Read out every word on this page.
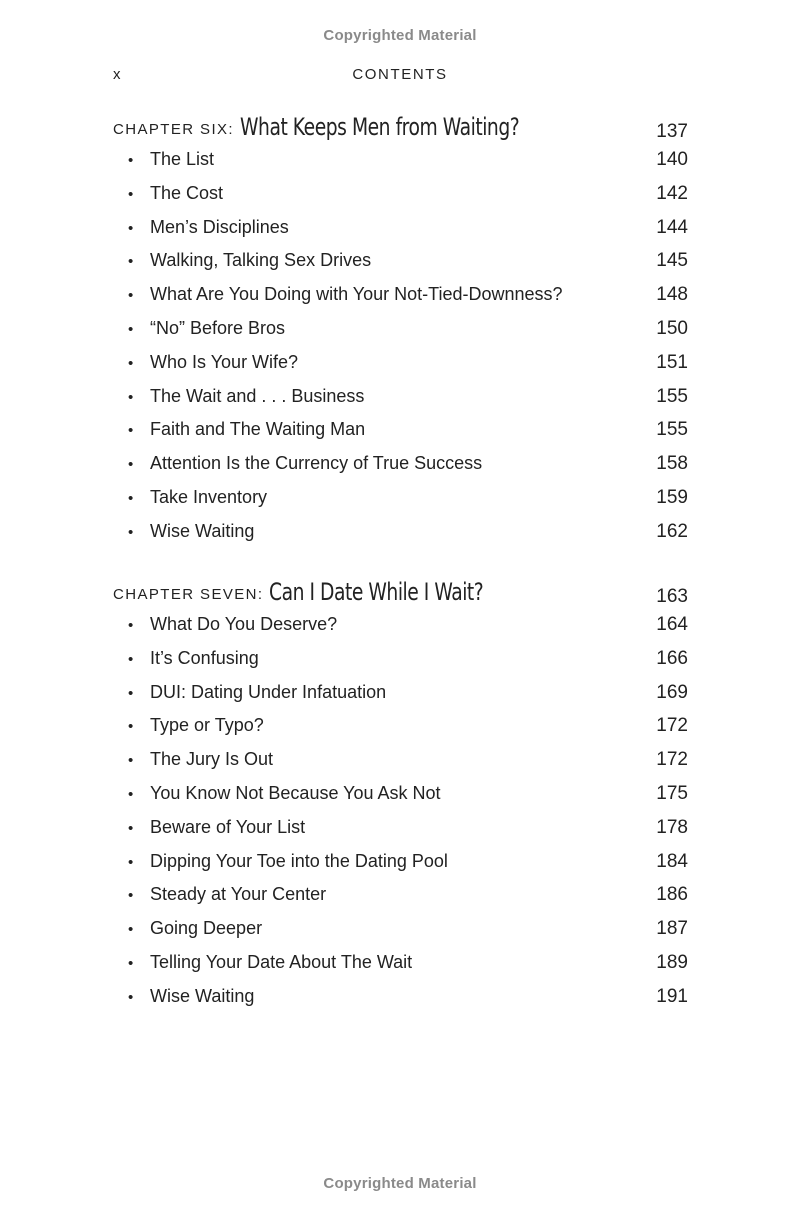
Copyrighted Material
x	CONTENTS
CHAPTER SIX: What Keeps Men from Waiting?	137
• The List	140
• The Cost	142
• Men’s Disciplines	144
• Walking, Talking Sex Drives	145
• What Are You Doing with Your Not-Tied-Downness?	148
• “No” Before Bros	150
• Who Is Your Wife?	151
• The Wait and . . . Business	155
• Faith and The Waiting Man	155
• Attention Is the Currency of True Success	158
• Take Inventory	159
• Wise Waiting	162
CHAPTER SEVEN: Can I Date While I Wait?	163
• What Do You Deserve?	164
• It’s Confusing	166
• DUI: Dating Under Infatuation	169
• Type or Typo?	172
• The Jury Is Out	172
• You Know Not Because You Ask Not	175
• Beware of Your List	178
• Dipping Your Toe into the Dating Pool	184
• Steady at Your Center	186
• Going Deeper	187
• Telling Your Date About The Wait	189
• Wise Waiting	191
Copyrighted Material
